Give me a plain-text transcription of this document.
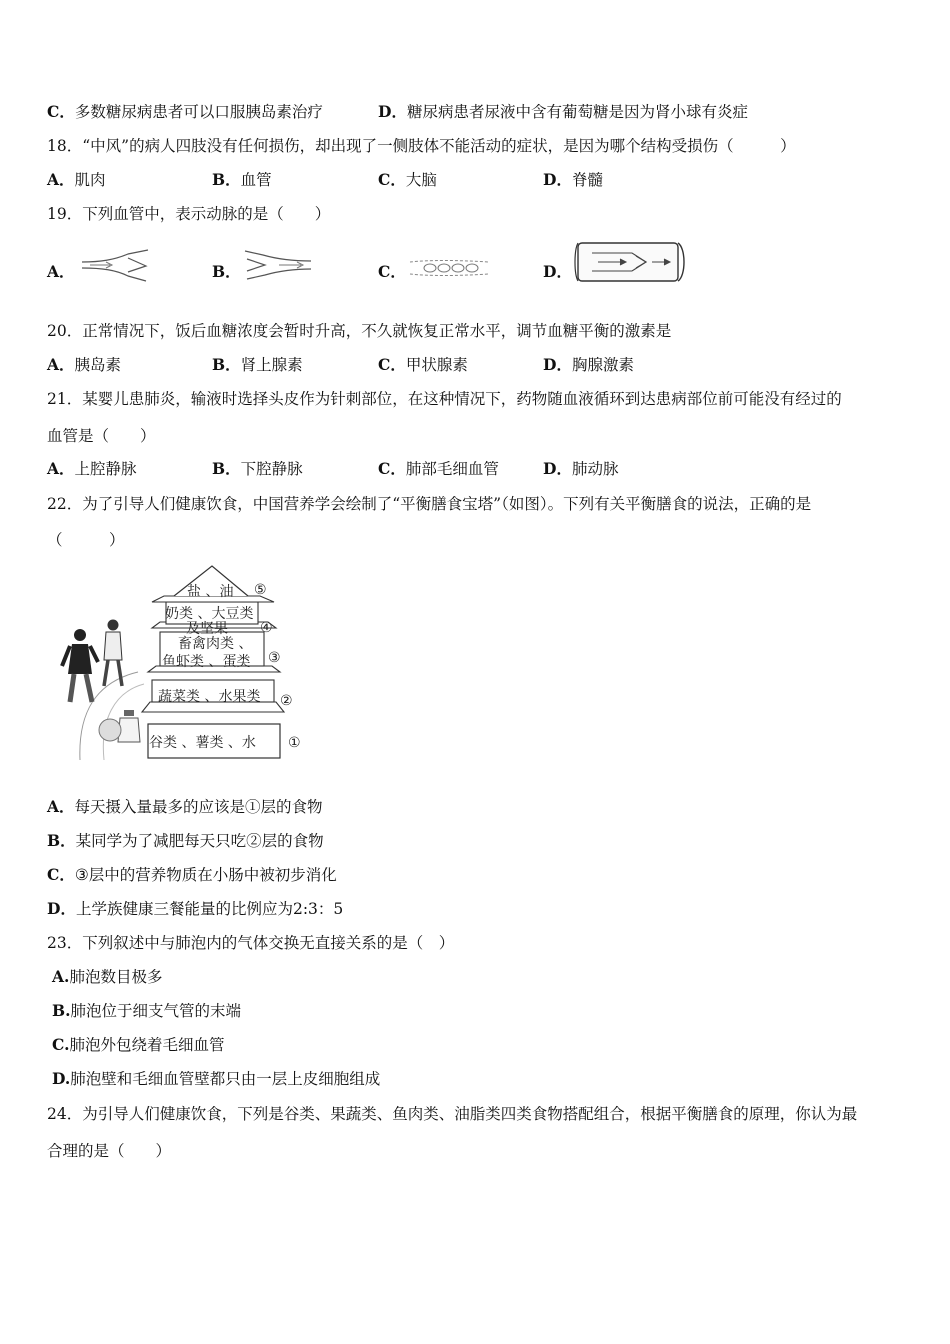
C．多数糖尿病患者可以口服胰岛素治疗	D．糖尿病患者尿液中含有葡萄糖是因为肾小球有炎症
18．“中风”的病人四肢没有任何损伤，却出现了一侧肢体不能活动的症状，是因为哪个结构受损伤（　　　）
A．肌肉	B．血管	C．大脑	D．脊髓
19．下列血管中，表示动脉的是（　　）
A．	B．	C．	D．
20．正常情况下，饭后血糖浓度会暂时升高，不久就恢复正常水平，调节血糖平衡的激素是
A．胰岛素	B．肾上腺素	C．甲状腺素	D．胸腺激素
21．某婴儿患肺炎，输液时选择头皮作为针刺部位，在这种情况下，药物随血液循环到达患病部位前可能没有经过的
血管是（　　）
A．上腔静脉	B．下腔静脉	C．肺部毛细血管	D．肺动脉
22．为了引导人们健康饮食，中国营养学会绘制了“平衡膳食宝塔”（如图）。下列有关平衡膳食的说法，正确的是
（　　　）
盐 、油
奶类 、大豆类
及坚果
畜禽肉类 、
鱼虾类 、蛋类
蔬菜类 、水果类
谷类 、薯类 、水
⑤
④
③
②
①
A．每天摄入量最多的应该是①层的食物
B．某同学为了减肥每天只吃②层的食物
C．③层中的营养物质在小肠中被初步消化
D．上学族健康三餐能量的比例应为2:3：5
23．下列叙述中与肺泡内的气体交换无直接关系的是（　）
A.肺泡数目极多
B.肺泡位于细支气管的末端
C.肺泡外包绕着毛细血管
D.肺泡壁和毛细血管壁都只由一层上皮细胞组成
24．为引导人们健康饮食，下列是谷类、果蔬类、鱼肉类、油脂类四类食物搭配组合，根据平衡膳食的原理，你认为最
合理的是（　　）
